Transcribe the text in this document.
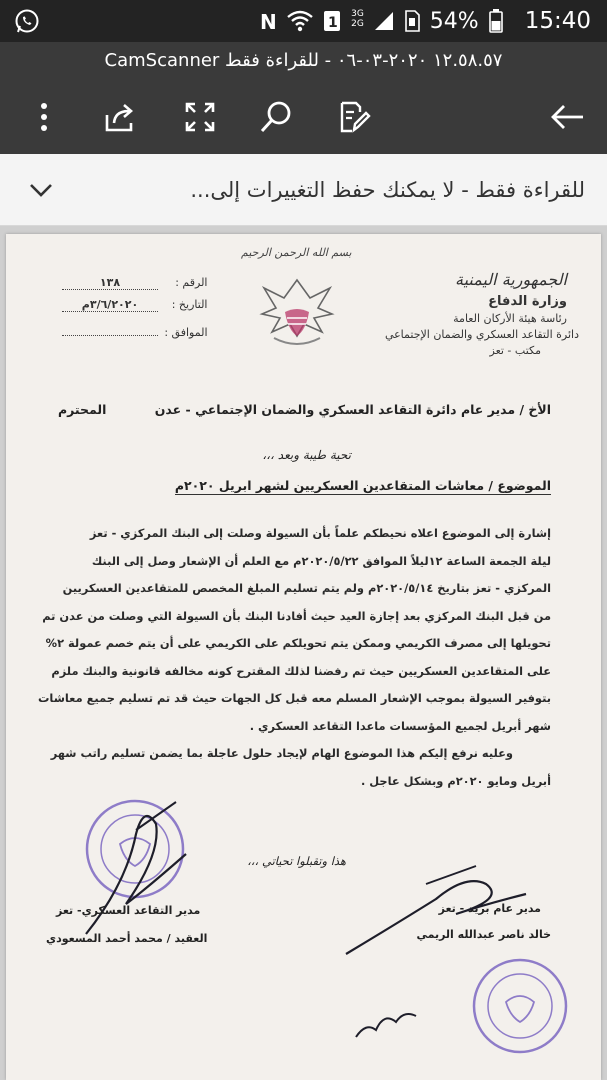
N	1
3G
2G	54% 15:40
CamScanner ١٢.٥٨.٥٧ ٢٠٢٠-٠٣-٠٦ - للقراءة فقط
للقراءة فقط - لا يمكنك حفظ التغييرات إلى...
بسم الله الرحمن الرحيم
الجمهورية اليمنية
وزارة الدفاع
رئاسة هيئة الأركان العامة
دائرة التقاعد العسكري والضمان الإجتماعي
مكتب - تعز
الرقم : ١٣٨
التاريخ : ٣/٦/٢٠٢٠م
الموافق :
الأخ / مدير عام دائرة التقاعد العسكري والضمان الإجتماعي - عدن
المحترم
تحية طيبة وبعد ،،،
الموضوع / معاشات المتقاعدين العسكريين لشهر ابريل ٢٠٢٠م

إشارة إلى الموضوع اعلاه نحيطكم علماً بأن السيولة وصلت إلى البنك المركزي - تعز

ليلة الجمعة الساعة ١٢ليلاً الموافق ٢٠٢٠/٥/٢٢م مع العلم أن الإشعار وصل إلى البنك

المركزي - تعز بتاريخ ٢٠٢٠/٥/١٤م ولم يتم تسليم المبلغ المخصص للمتقاعدين العسكريين

من قبل البنك المركزي بعد إجازة العيد حيث أفادنا البنك بأن السيولة التي وصلت من عدن تم

تحويلها إلى مصرف الكريمي وممكن يتم تحويلكم على الكريمي على أن يتم خصم عمولة ٢%

على المتقاعدين العسكريين حيث تم رفضنا لذلك المقترح كونه مخالفه قانونية والبنك ملزم

بتوفير السيولة بموجب الإشعار المسلم معه قبل كل الجهات حيث قد تم تسليم جميع معاشات

شهر أبريل لجميع المؤسسات ماعدا التقاعد العسكري .

وعليه نرفع إليكم هذا الموضوع الهام لإيجاد حلول عاجلة بما يضمن تسليم راتب شهر

أبريل ومايو ٢٠٢٠م وبشكل عاجل .

هذا وتقبلوا تحياتي ،،،
مدير التقاعد العسكري- تعز
العقيد / محمد أحمد المسعودي
مدير عام بريد - تعز
خالد ناصر عبدالله الريمي
